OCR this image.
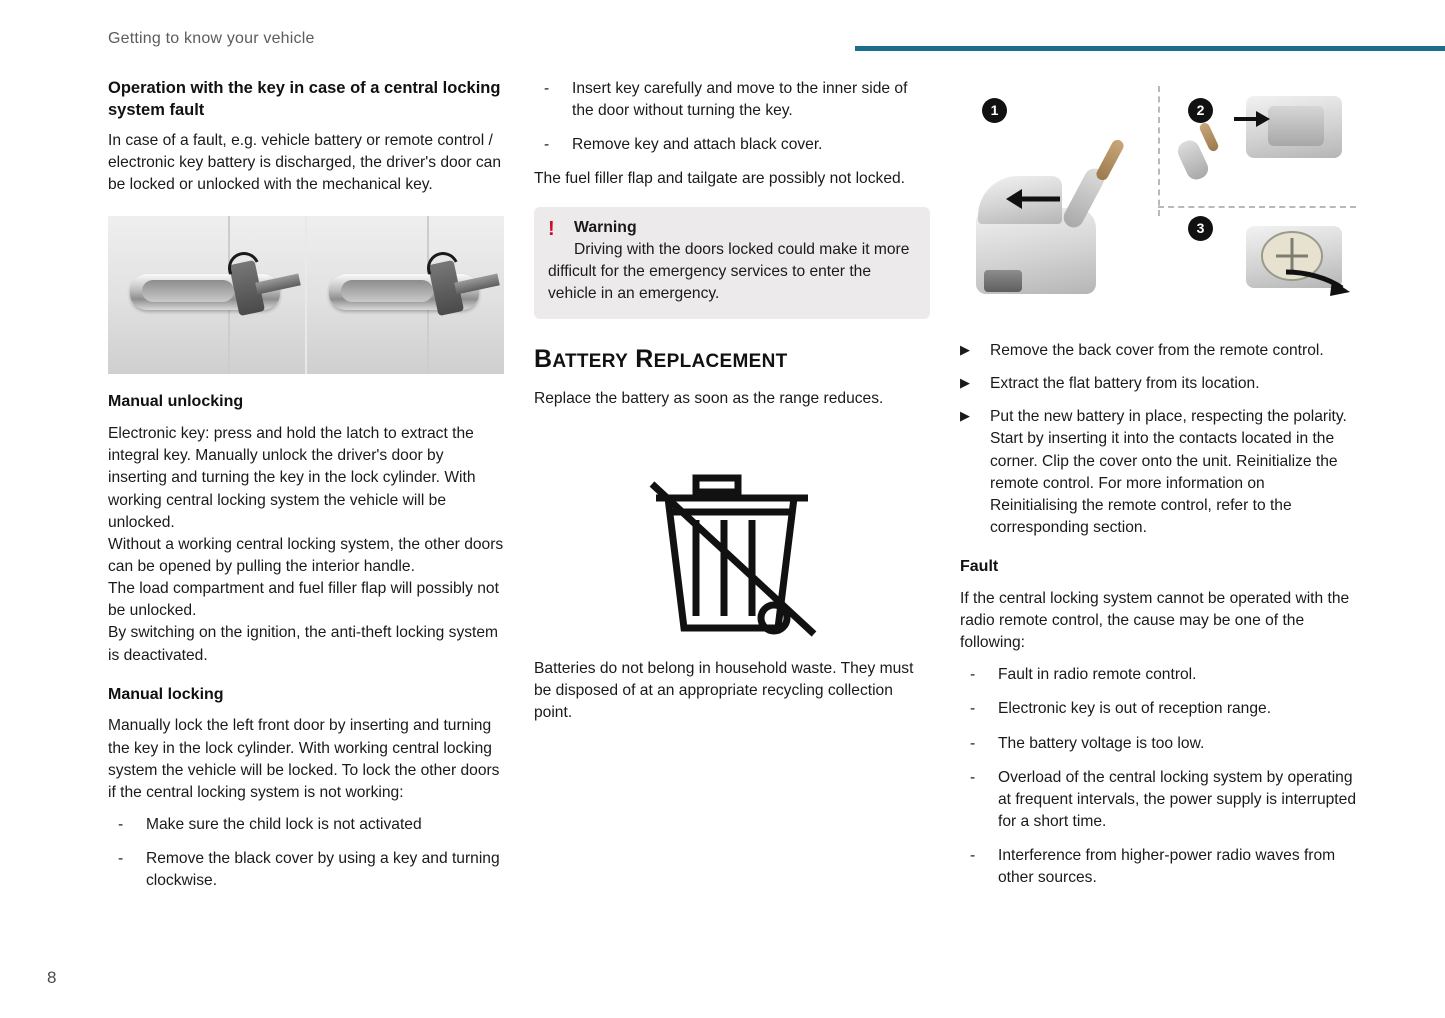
Getting to know your vehicle
Operation with the key in case of a central locking system fault

In case of a fault, e.g. vehicle battery or remote control / electronic key battery is discharged, the driver's door can be locked or unlocked with the mechanical key.

Manual unlocking

Electronic key: press and hold the latch to extract the integral key. Manually unlock the driver's door by inserting and turning the key in the lock cylinder. With working central locking system the vehicle will be unlocked.

Without a working central locking system, the other doors can be opened by pulling the interior handle.

The load compartment and fuel filler flap will possibly not be unlocked.

By switching on the ignition, the anti-theft locking system is deactivated.

Manual locking

Manually lock the left front door by inserting and turning the key in the lock cylinder. With working central locking system the vehicle will be locked. To lock the other doors if the central locking system is not working:

- Make sure the child lock is not activated
- Remove the black cover by using a key and turning clockwise.
- Insert key carefully and move to the inner side of the door without turning the key.
- Remove key and attach black cover.

The fuel filler flap and tailgate are possibly not locked.

! Warning

Driving with the doors locked could make it more difficult for the emergency services to enter the vehicle in an emergency.

BATTERY REPLACEMENT

Replace the battery as soon as the range reduces.

Batteries do not belong in household waste. They must be disposed of at an appropriate recycling collection point.

1	2
3
▶ Remove the back cover from the remote control.
▶ Extract the flat battery from its location.
▶ Put the new battery in place, respecting the polarity. Start by inserting it into the contacts located in the corner. Clip the cover onto the unit. Reinitialize the remote control. For more information on Reinitialising the remote control, refer to the corresponding section.
Fault

If the central locking system cannot be operated with the radio remote control, the cause may be one of the following:

- Fault in radio remote control.
- Electronic key is out of reception range.
- The battery voltage is too low.
- Overload of the central locking system by operating at frequent intervals, the power supply is interrupted for a short time.
- Interference from higher-power radio waves from other sources.
8
